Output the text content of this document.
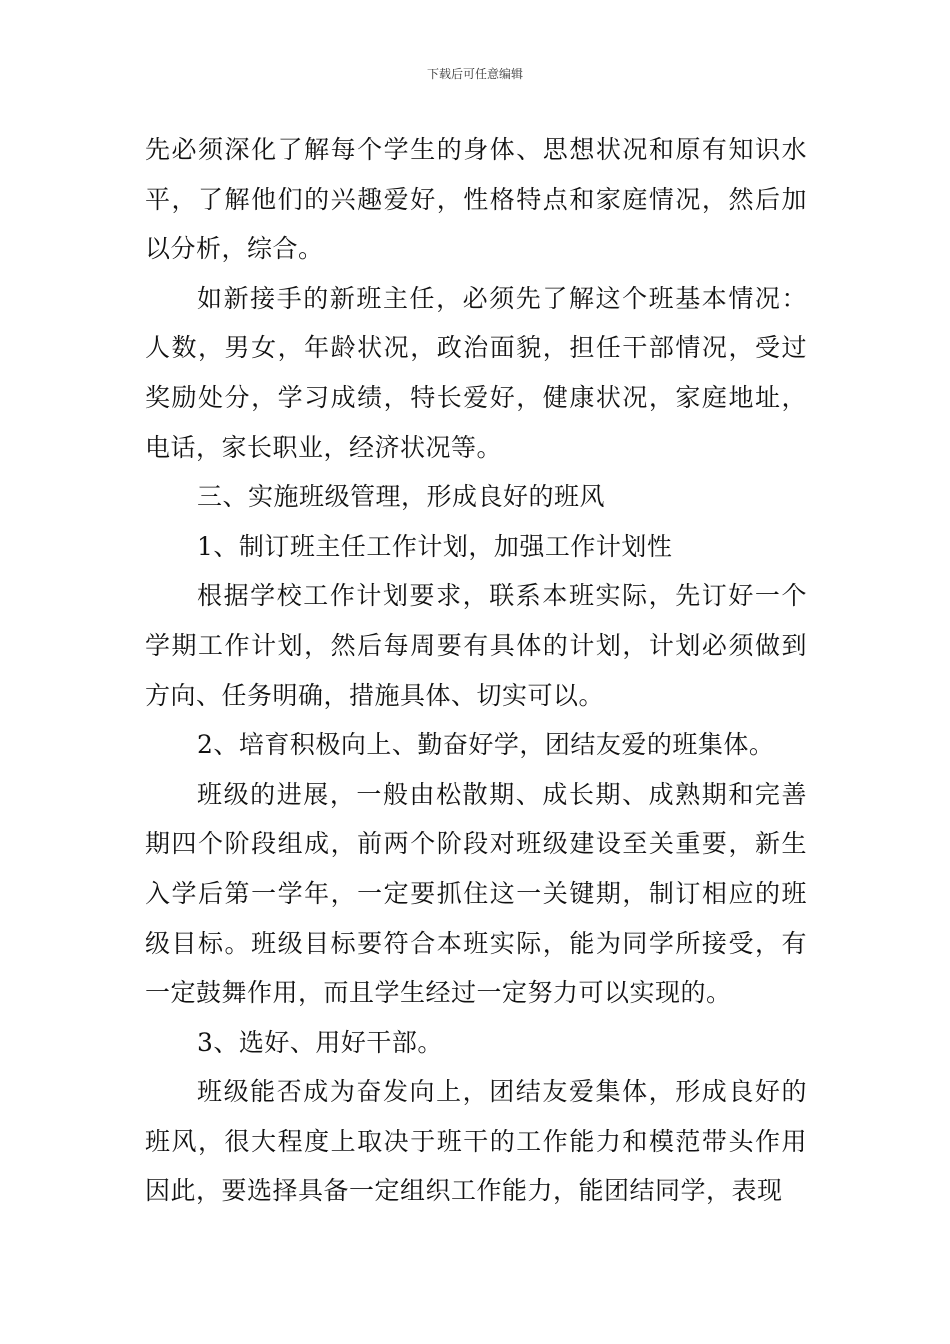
下载后可任意编辑

先必须深化了解每个学生的身体、思想状况和原有知识水平，了解他们的兴趣爱好，性格特点和家庭情况，然后加以分析，综合。

如新接手的新班主任，必须先了解这个班基本情况：人数，男女，年龄状况，政治面貌，担任干部情况，受过奖励处分，学习成绩，特长爱好，健康状况，家庭地址，电话，家长职业，经济状况等。

三、实施班级管理，形成良好的班风

1、制订班主任工作计划，加强工作计划性

根据学校工作计划要求，联系本班实际，先订好一个学期工作计划，然后每周要有具体的计划，计划必须做到方向、任务明确，措施具体、切实可以。

2、培育积极向上、勤奋好学，团结友爱的班集体。

班级的进展，一般由松散期、成长期、成熟期和完善期四个阶段组成，前两个阶段对班级建设至关重要，新生入学后第一学年，一定要抓住这一关键期，制订相应的班级目标。班级目标要符合本班实际，能为同学所接受，有一定鼓舞作用，而且学生经过一定努力可以实现的。

3、选好、用好干部。

班级能否成为奋发向上，团结友爱集体，形成良好的班风，很大程度上取决于班干的工作能力和模范带头作用因此，要选择具备一定组织工作能力，能团结同学，表现
